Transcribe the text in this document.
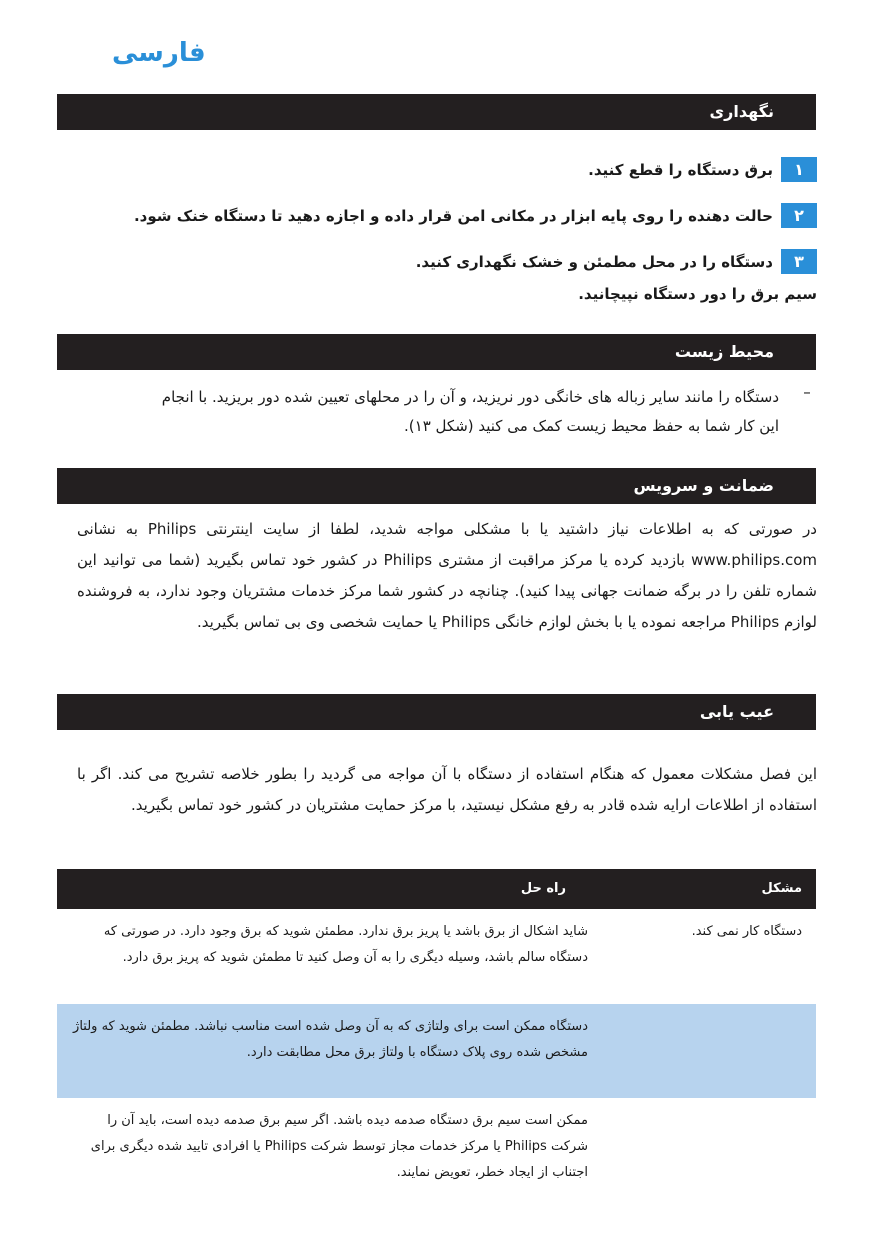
فارسی
نگهداری
۱
برق دستگاه را قطع کنید.
۲
حالت دهنده را روی پایه ابزار در مکانی امن قرار داده و اجازه دهید تا دستگاه خنک شود.
۳
دستگاه را در محل مطمئن و خشک نگهداری کنید.
سیم برق را دور دستگاه نپیچانید.
محیط زیست
–
دستگاه را مانند سایر زباله های خانگی دور نریزید، و آن را در محلهای تعیین شده دور بریزید. با انجام این کار شما به حفظ محیط زیست کمک می کنید (شکل ۱۳).
ضمانت و سرویس
در صورتی که به اطلاعات نیاز داشتید یا با مشکلی مواجه شدید، لطفا از سایت اینترنتی Philips به نشانی www.philips.com بازدید کرده یا مرکز مراقبت از مشتری Philips در کشور خود تماس بگیرید (شما می توانید این شماره تلفن را در برگه ضمانت جهانی پیدا کنید). چنانچه در کشور شما مرکز خدمات مشتریان وجود ندارد، به فروشنده لوازم Philips مراجعه نموده یا با بخش لوازم خانگی Philips یا حمایت شخصی وی بی تماس بگیرید.
عیب یابی
این فصل مشکلات معمول که هنگام استفاده از دستگاه با آن مواجه می گردید را بطور خلاصه تشریح می کند. اگر با استفاده از اطلاعات ارایه شده قادر به رفع مشکل نیستید، با مرکز حمایت مشتریان در کشور خود تماس بگیرید.
مشکل
راه حل
دستگاه کار نمی کند.
شاید اشکال از برق باشد یا پریز برق ندارد. مطمئن شوید که برق وجود دارد. در صورتی که دستگاه سالم باشد، وسیله دیگری را به آن وصل کنید تا مطمئن شوید که پریز برق دارد.
دستگاه ممکن است برای ولتاژی که به آن وصل شده است مناسب نباشد. مطمئن شوید که ولتاژ مشخص شده روی پلاک دستگاه با ولتاژ برق محل مطابقت دارد.
ممکن است سیم برق دستگاه صدمه دیده باشد. اگر سیم برق صدمه دیده است، باید آن را شرکت Philips یا مرکز خدمات مجاز توسط شرکت Philips یا افرادی تایید شده دیگری برای اجتناب از ایجاد خطر، تعویض نمایند.
